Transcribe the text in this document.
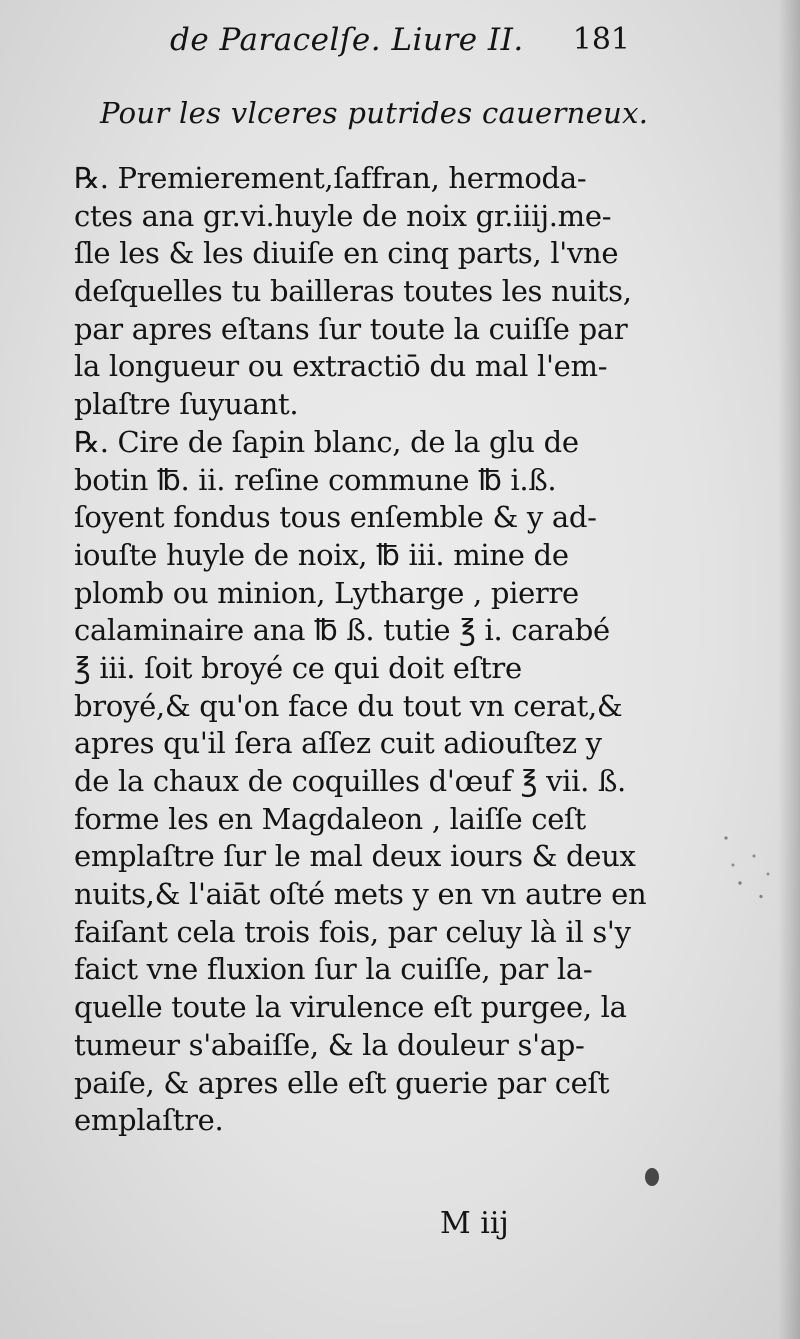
de Paracelſe. Liure II. 181
Pour les vlceres putrides cauerneux.
℞. Premierement,ſaffran, hermoda-
ctes ana gr.vi.huyle de noix gr.iiij.me-
ſle les & les diuiſe en cinq parts, l'vne
deſquelles tu bailleras toutes les nuits,
par apres eſtans ſur toute la cuiſſe par
la longueur ou extractiō du mal l'em-
plaſtre ſuyuant.
℞. Cire de ſapin blanc, de la glu de
botin ℔. ii. reſine commune ℔ i.ß.
ſoyent fondus tous enſemble & y ad-
iouſte huyle de noix, ℔ iii. mine de
plomb ou minion, Lytharge , pierre
calaminaire ana ℔ ß. tutie ℥ i. carabé
℥ iii. ſoit broyé ce qui doit eſtre
broyé,& qu'on face du tout vn cerat,&
apres qu'il ſera aſſez cuit adiouſtez y
de la chaux de coquilles d'œuf ℥ vii. ß.
forme les en Magdaleon , laiſſe ceſt
emplaſtre ſur le mal deux iours & deux
nuits,& l'aiāt oſté mets y en vn autre en
faiſant cela trois fois, par celuy là il s'y
faict vne fluxion ſur la cuiſſe, par la-
quelle toute la virulence eſt purgee, la
tumeur s'abaiſſe, & la douleur s'ap-
paiſe, & apres elle eſt guerie par ceſt
emplaſtre.
M iij
